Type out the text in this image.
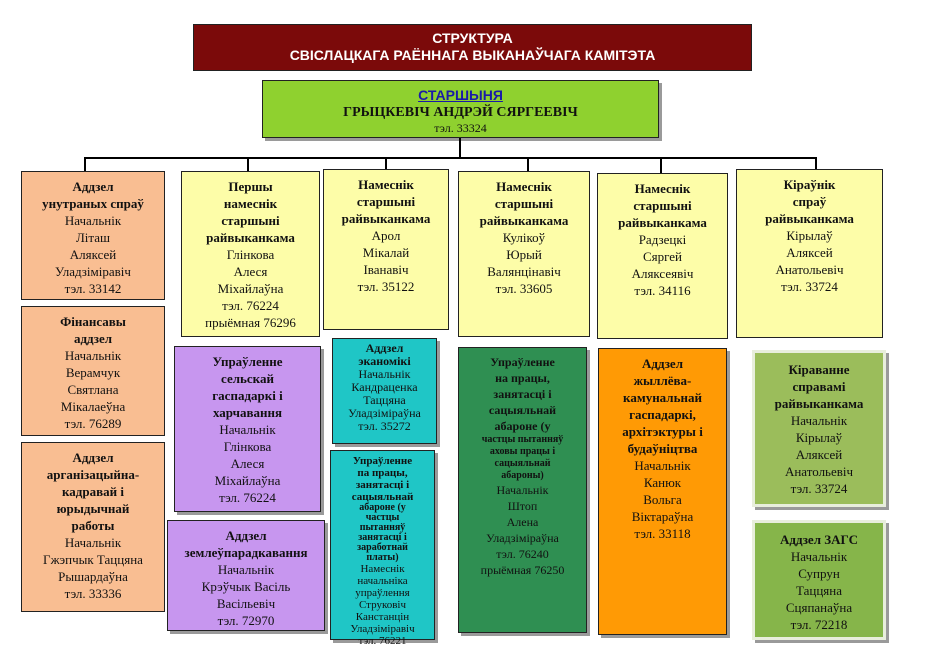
СТРУКТУРА
СВІСЛАЦКАГА РАЁННАГА ВЫКАНАЎЧАГА КАМІТЭТА
СТАРШЫНЯ
ГРЫЦКЕВІЧ АНДРЭЙ СЯРГЕЕВІЧ
тэл. 33324
Аддзел
унутраных спраў
Начальнік
Літаш
Аляксей
Уладзіміравіч
тэл. 33142
Фінансавы
аддзел
Начальнік
Верамчук
Святлана
Мікалаеўна
тэл. 76289
Аддзел
арганізацыйна-
кадравай і
юрыдычнай
работы
Начальнік
Гжэпчык Таццяна
Рышардаўна
тэл. 33336
Першы
намеснік
старшыні
райвыканкама
Глінкова
Алеся
Міхайлаўна
тэл. 76224
прыёмная 76296
Упраўленне
сельскай
гаспадаркі і
харчавання
Начальнік
Глінкова
Алеся
Міхайлаўна
тэл. 76224
Аддзел
землеўпарадкавання
Начальнік
Крэўчык Васіль
Васільевіч
тэл. 72970
Намеснік
старшыні
райвыканкама
Арол
Мікалай
Іванавіч
тэл. 35122
Аддзел
эканомікі
Начальнік
Кандраценка
Таццяна
Уладзіміраўна
тэл. 35272
Упраўленне
па працы,
занятасці і
сацыяльнай
абароне (у
частцы
пытанняў
занятасці і
заработнай
платы)
Намеснік
начальніка
упраўлення
Струковіч
Канстанцін
Уладзіміравіч
тэл. 76221
Намеснік
старшыні
райвыканкама
Кулікоў
Юрый
Валянцінавіч
тэл. 33605
Упраўленне
на працы,
занятасці і
сацыяльнай
абароне (у
частцы пытанняў
аховы працы і
сацыяльнай
абароны)
Начальнік
Штоп
Алена
Уладзіміраўна
тэл. 76240
прыёмная 76250
Намеснік
старшыні
райвыканкама
Радзецкі
Сяргей
Аляксеявіч
тэл. 34116
Аддзел
жыллёва-
камунальнай
гаспадаркі,
архітэктуры і
будаўніцтва
Начальнік
Канюк
Вольга
Віктараўна
тэл. 33118
Кіраўнік
спраў
райвыканкама
Кірылаў
Аляксей
Анатольевіч
тэл. 33724
Кіраванне
справамі
райвыканкама
Начальнік
Кірылаў
Аляксей
Анатольевіч
тэл. 33724
Аддзел ЗАГС
Начальнік
Супрун
Таццяна
Сцяпанаўна
тэл. 72218
